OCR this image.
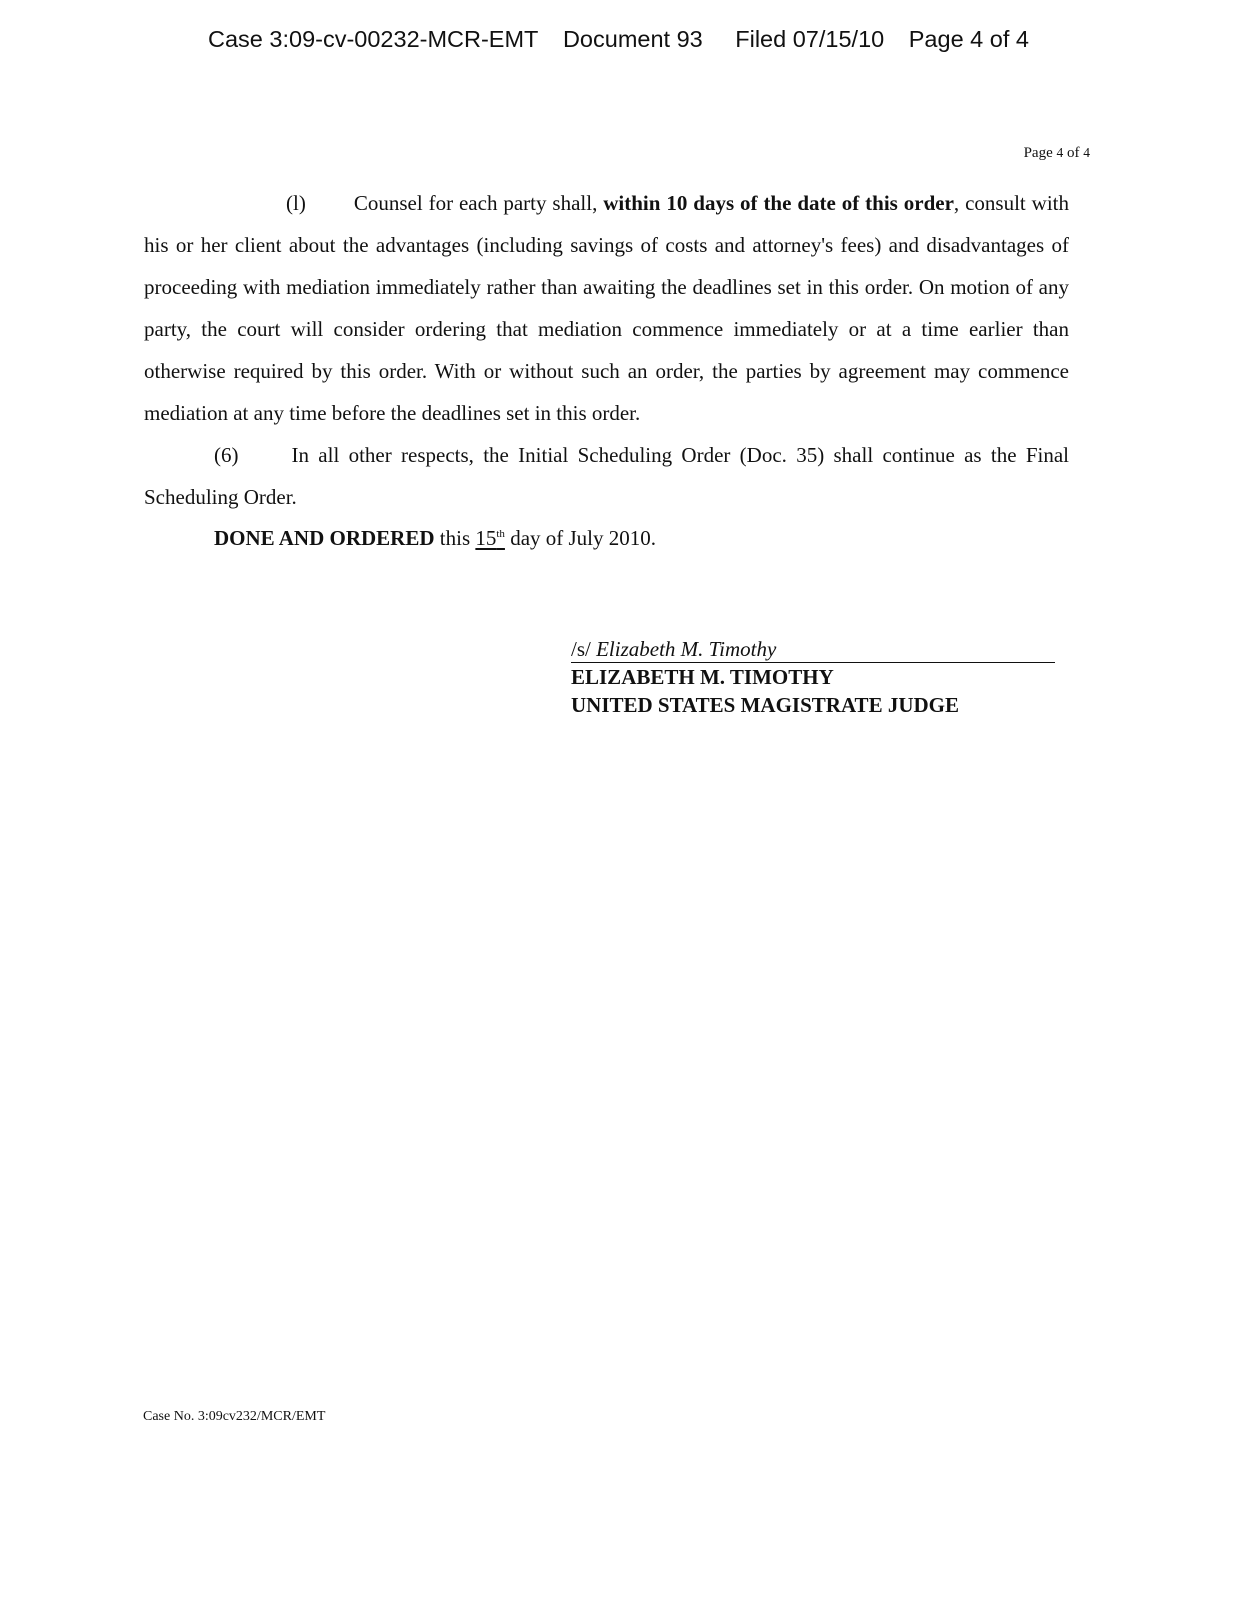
Case 3:09-cv-00232-MCR-EMT Document 93 Filed 07/15/10 Page 4 of 4
Page 4 of 4

(l) Counsel for each party shall, within 10 days of the date of this order, consult with his or her client about the advantages (including savings of costs and attorney's fees) and disadvantages of proceeding with mediation immediately rather than awaiting the deadlines set in this order. On motion of any party, the court will consider ordering that mediation commence immediately or at a time earlier than otherwise required by this order. With or without such an order, the parties by agreement may commence mediation at any time before the deadlines set in this order.

(6)	In all other respects, the Initial Scheduling Order (Doc. 35) shall continue as the Final Scheduling Order.

DONE AND ORDERED this 15th day of July 2010.
/s/ Elizabeth M. Timothy
ELIZABETH M. TIMOTHY
UNITED STATES MAGISTRATE JUDGE
Case No. 3:09cv232/MCR/EMT
